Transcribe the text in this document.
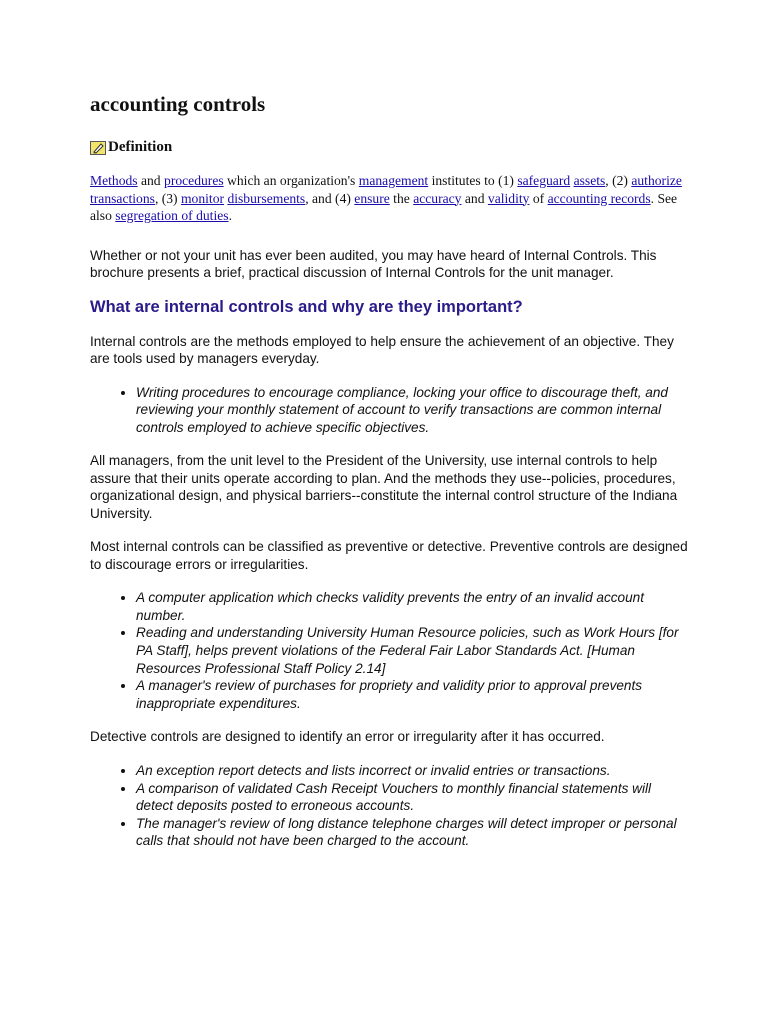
accounting controls
Definition
Methods and procedures which an organization's management institutes to (1) safeguard assets, (2) authorize transactions, (3) monitor disbursements, and (4) ensure the accuracy and validity of accounting records. See also segregation of duties.

Whether or not your unit has ever been audited, you may have heard of Internal Controls. This brochure presents a brief, practical discussion of Internal Controls for the unit manager.

What are internal controls and why are they important?

Internal controls are the methods employed to help ensure the achievement of an objective. They are tools used by managers everyday.

• Writing procedures to encourage compliance, locking your office to discourage theft, and reviewing your monthly statement of account to verify transactions are common internal controls employed to achieve specific objectives.

All managers, from the unit level to the President of the University, use internal controls to help assure that their units operate according to plan. And the methods they use--policies, procedures, organizational design, and physical barriers--constitute the internal control structure of the Indiana University.

Most internal controls can be classified as preventive or detective. Preventive controls are designed to discourage errors or irregularities.

• A computer application which checks validity prevents the entry of an invalid account number.
• Reading and understanding University Human Resource policies, such as Work Hours [for PA Staff], helps prevent violations of the Federal Fair Labor Standards Act. [Human Resources Professional Staff Policy 2.14]
• A manager's review of purchases for propriety and validity prior to approval prevents inappropriate expenditures.

Detective controls are designed to identify an error or irregularity after it has occurred.

• An exception report detects and lists incorrect or invalid entries or transactions.
• A comparison of validated Cash Receipt Vouchers to monthly financial statements will detect deposits posted to erroneous accounts.
• The manager's review of long distance telephone charges will detect improper or personal calls that should not have been charged to the account.
